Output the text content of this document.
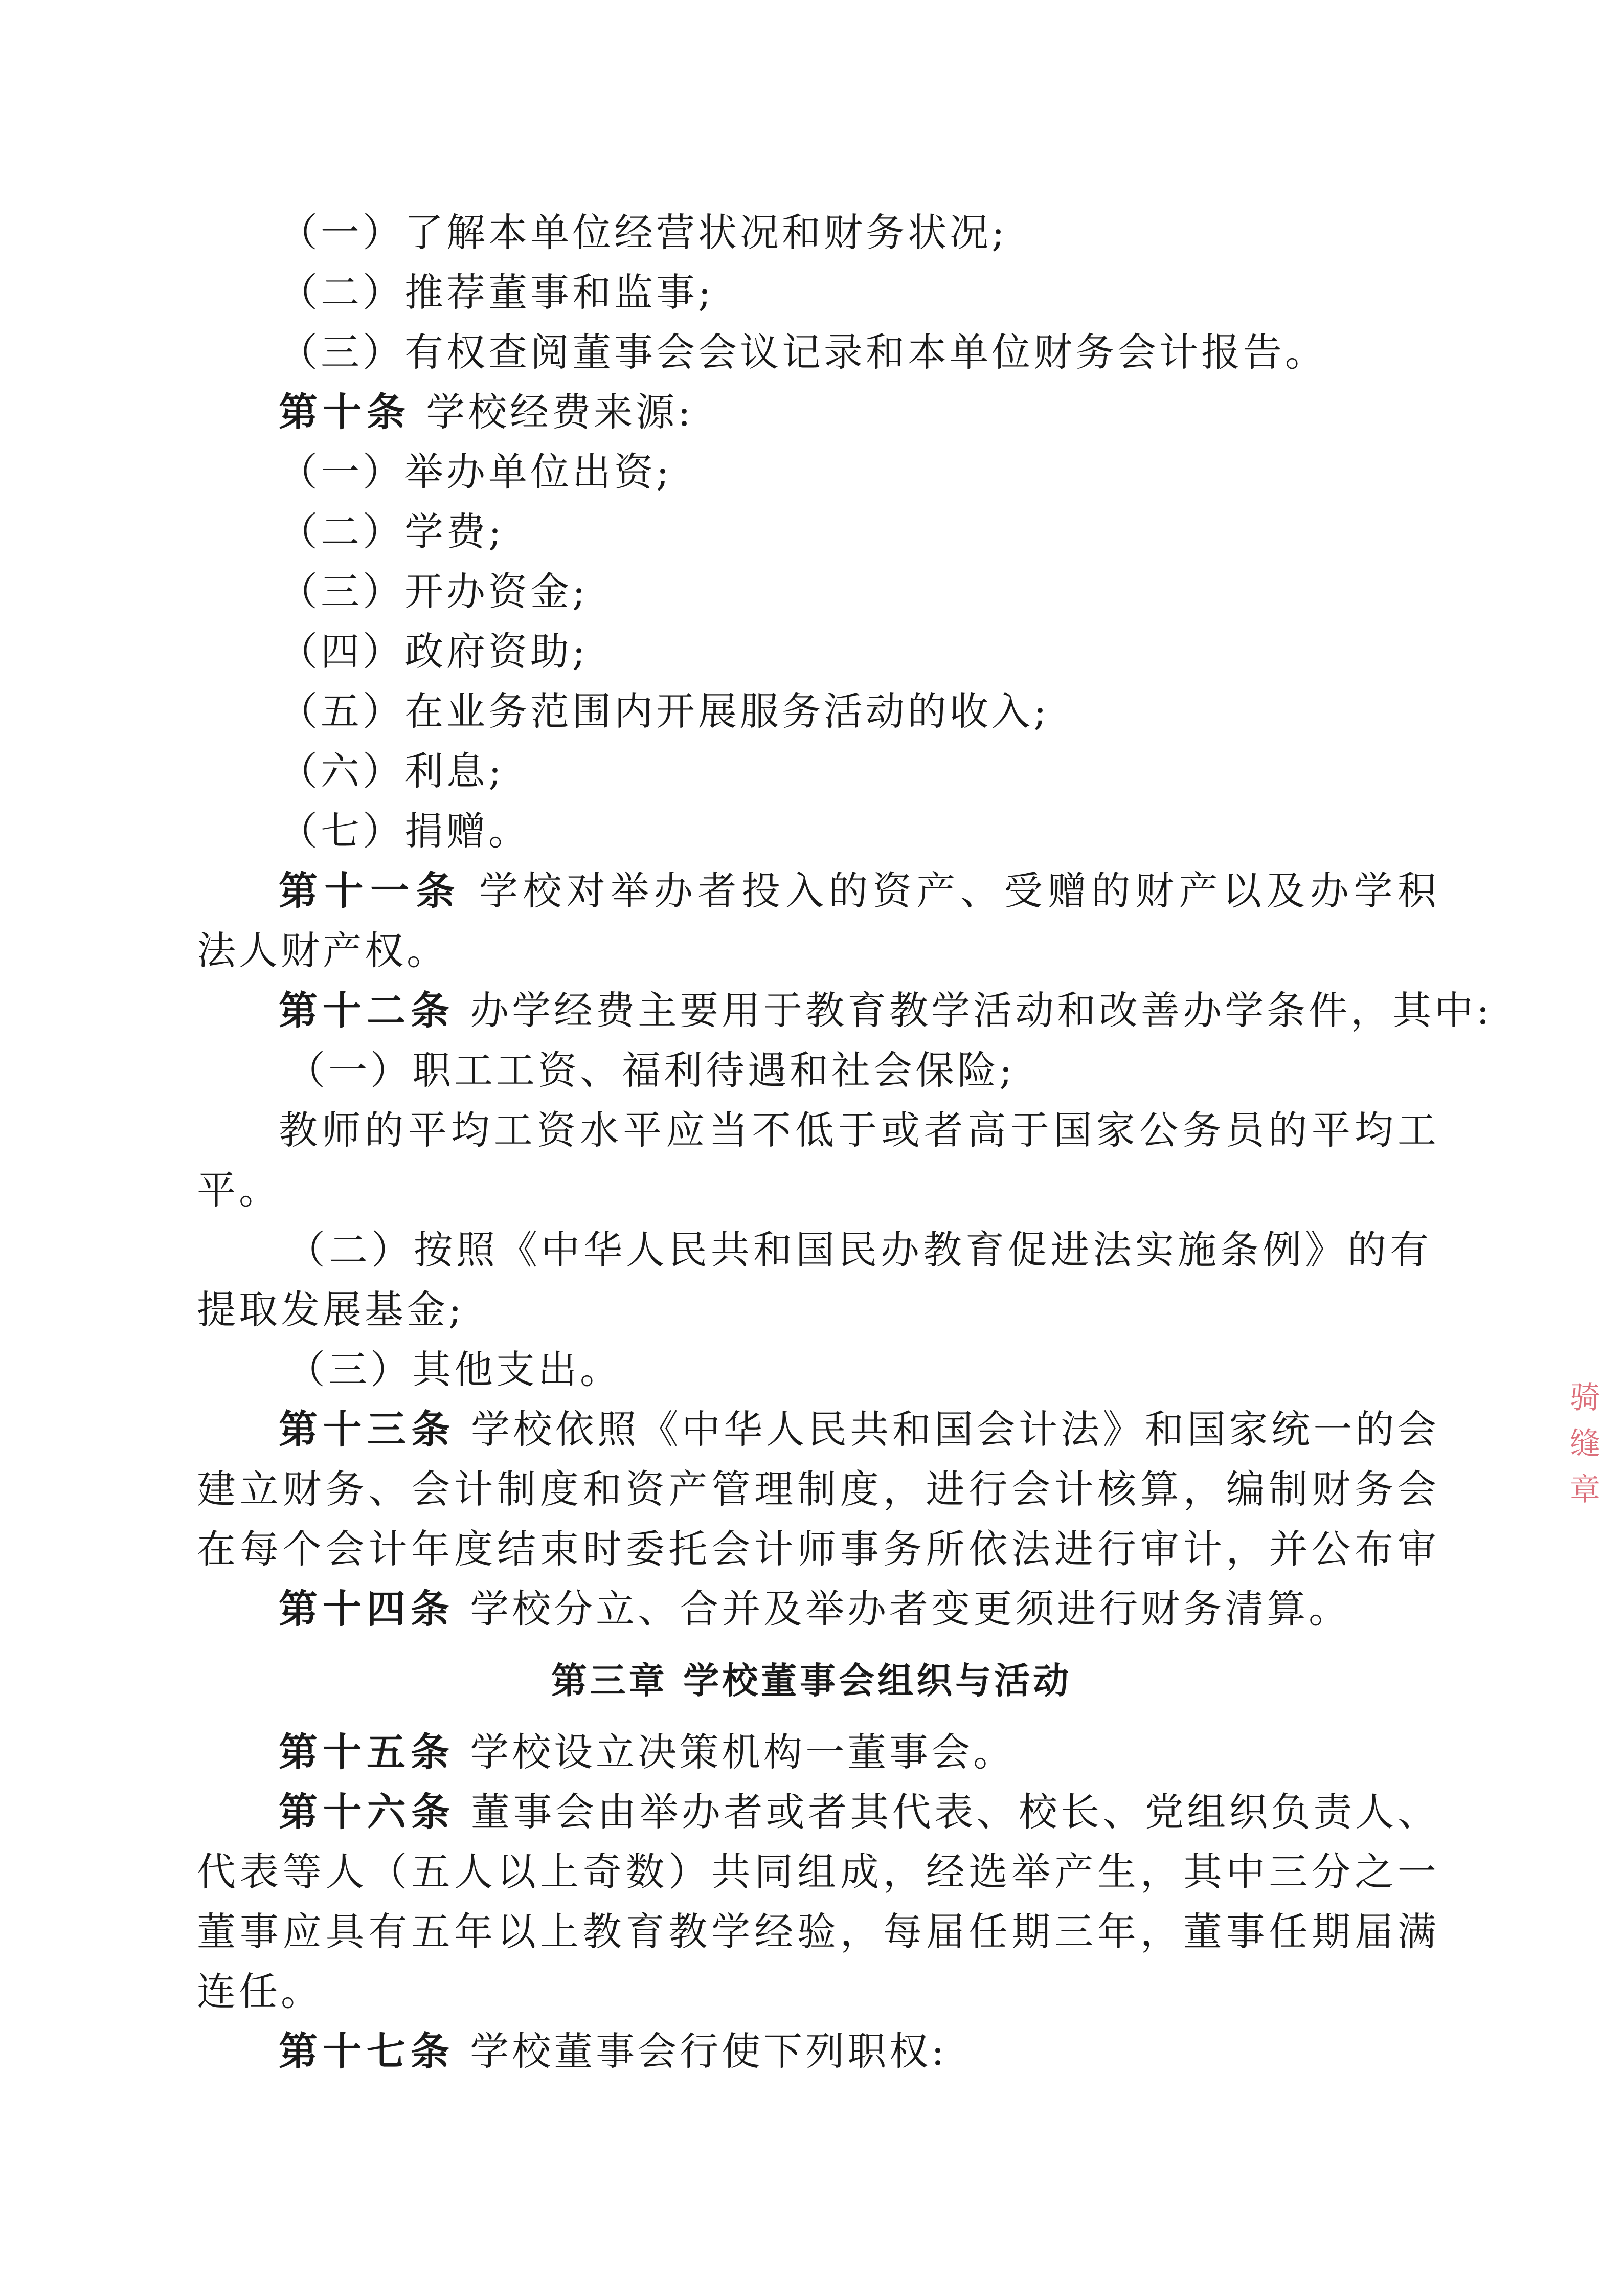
（一）了解本单位经营状况和财务状况;
（二）推荐董事和监事;
（三）有权查阅董事会会议记录和本单位财务会计报告。
第十条 学校经费来源:
（一）举办单位出资;
（二）学费;
（三）开办资金;
（四）政府资助;
（五）在业务范围内开展服务活动的收入;
（六）利息;
（七）捐赠。
第十一条 学校对举办者投入的资产、受赠的财产以及办学积
法人财产权。
第十二条 办学经费主要用于教育教学活动和改善办学条件，其中:
（一）职工工资、福利待遇和社会保险;
教师的平均工资水平应当不低于或者高于国家公务员的平均工
平。
（二）按照《中华人民共和国民办教育促进法实施条例》的有
提取发展基金;
（三）其他支出。
第十三条 学校依照《中华人民共和国会计法》和国家统一的会
建立财务、会计制度和资产管理制度，进行会计核算，编制财务会
在每个会计年度结束时委托会计师事务所依法进行审计，并公布审
第十四条 学校分立、合并及举办者变更须进行财务清算。
第三章 学校董事会组织与活动
第十五条 学校设立决策机构一董事会。
第十六条 董事会由举办者或者其代表、校长、党组织负责人、
代表等人（五人以上奇数）共同组成，经选举产生，其中三分之一
董事应具有五年以上教育教学经验，每届任期三年，董事任期届满
连任。
第十七条 学校董事会行使下列职权:
骑缝章
